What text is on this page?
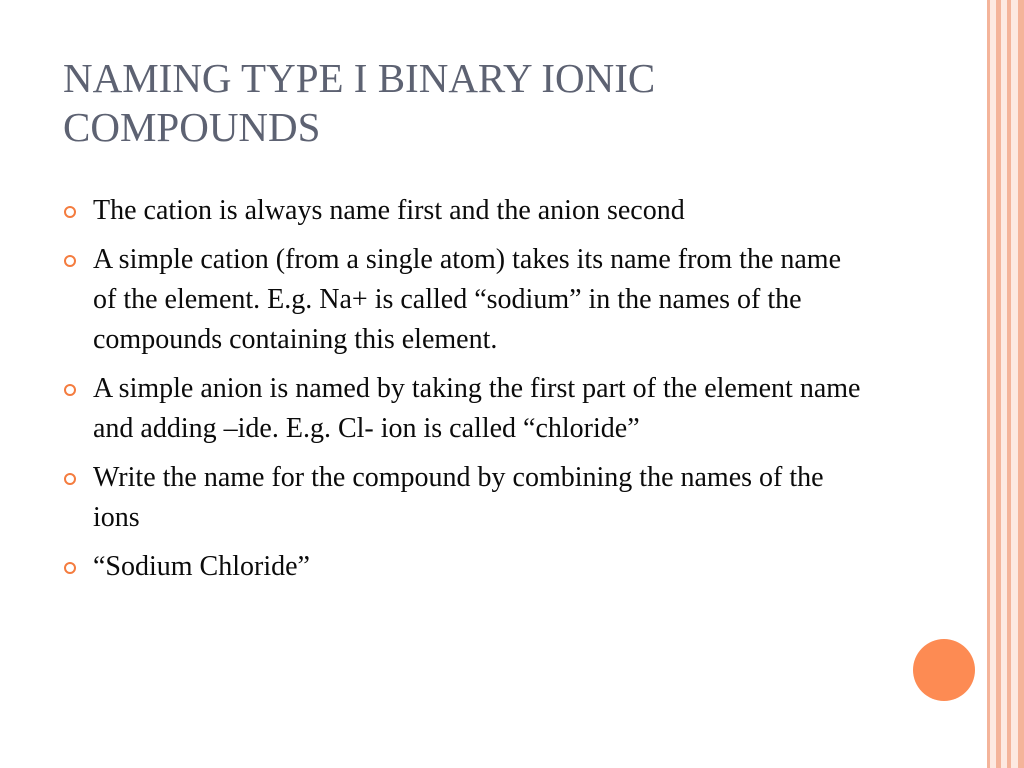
NAMING TYPE I BINARY IONIC COMPOUNDS
The cation is always name first and the anion second
A simple cation (from a single atom) takes its name from the name of the element. E.g. Na+ is called “sodium” in the names of the compounds containing this element.
A simple anion is named by taking the first part of the element name and adding –ide. E.g. Cl- ion is called “chloride”
Write the name for the compound by combining the names of the ions
“Sodium Chloride”
